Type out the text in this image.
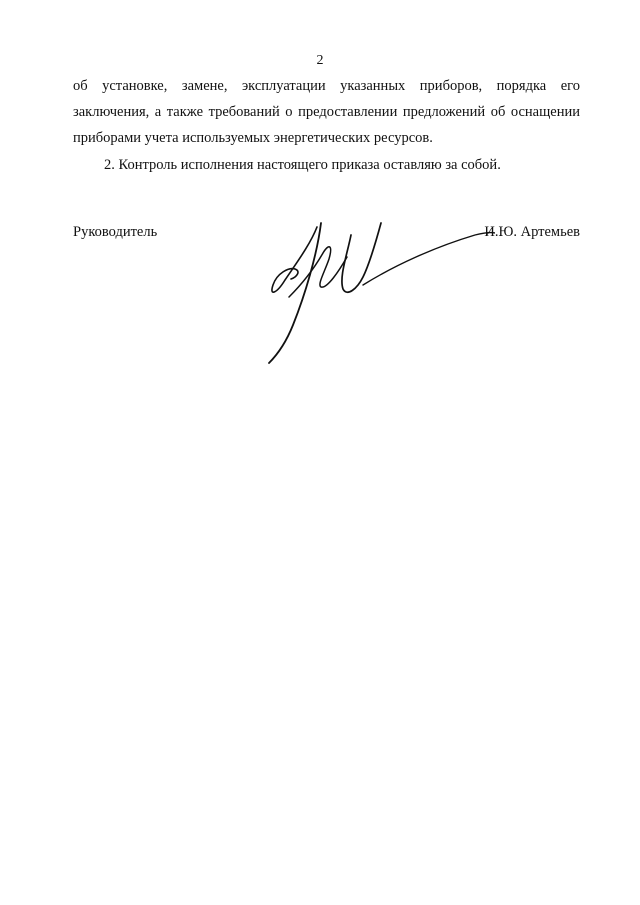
2

об установке, замене, эксплуатации указанных приборов, порядка его заключения, а также требований о предоставлении предложений об оснащении приборами учета используемых энергетических ресурсов.

2. Контроль исполнения настоящего приказа оставляю за собой.

Руководитель	И.Ю. Артемьев
